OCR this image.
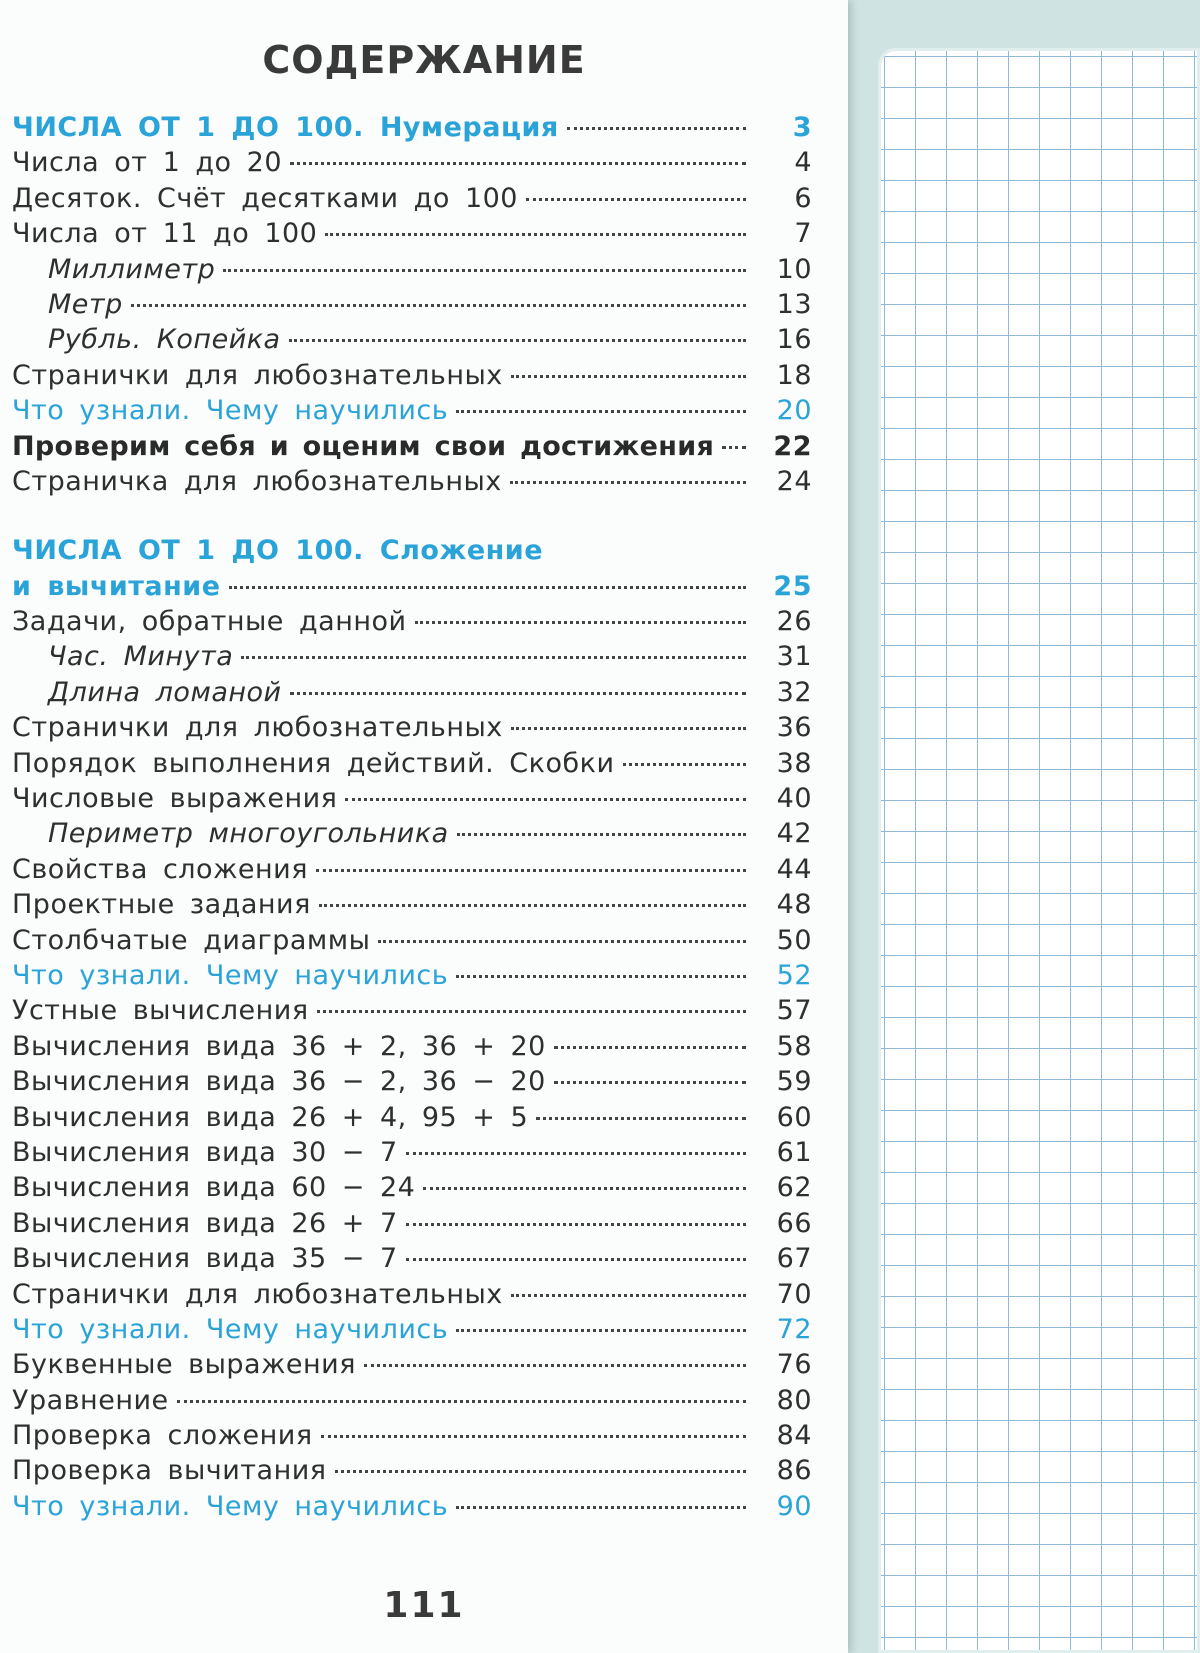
СОДЕРЖАНИЕ
ЧИСЛА ОТ 1 ДО 100. Нумерация	3
Числа от 1 до 20	4
Десяток. Счёт десятками до 100	6
Числа от 11 до 100	7
Миллиметр	10
Метр	13
Рубль. Копейка	16
Странички для любознательных	18
Что узнали. Чему научились	20
Проверим себя и оценим свои достижения	22
Страничка для любознательных	24
ЧИСЛА ОТ 1 ДО 100. Сложение
и вычитание	25
Задачи, обратные данной	26
Час. Минута	31
Длина ломаной	32
Странички для любознательных	36
Порядок выполнения действий. Скобки	38
Числовые выражения	40
Периметр многоугольника	42
Свойства сложения	44
Проектные задания	48
Столбчатые диаграммы	50
Что узнали. Чему научились	52
Устные вычисления	57
Вычисления вида 36 + 2, 36 + 20	58
Вычисления вида 36 − 2, 36 − 20	59
Вычисления вида 26 + 4, 95 + 5	60
Вычисления вида 30 − 7	61
Вычисления вида 60 − 24	62
Вычисления вида 26 + 7	66
Вычисления вида 35 − 7	67
Странички для любознательных	70
Что узнали. Чему научились	72
Буквенные выражения	76
Уравнение	80
Проверка сложения	84
Проверка вычитания	86
Что узнали. Чему научились	90
111
